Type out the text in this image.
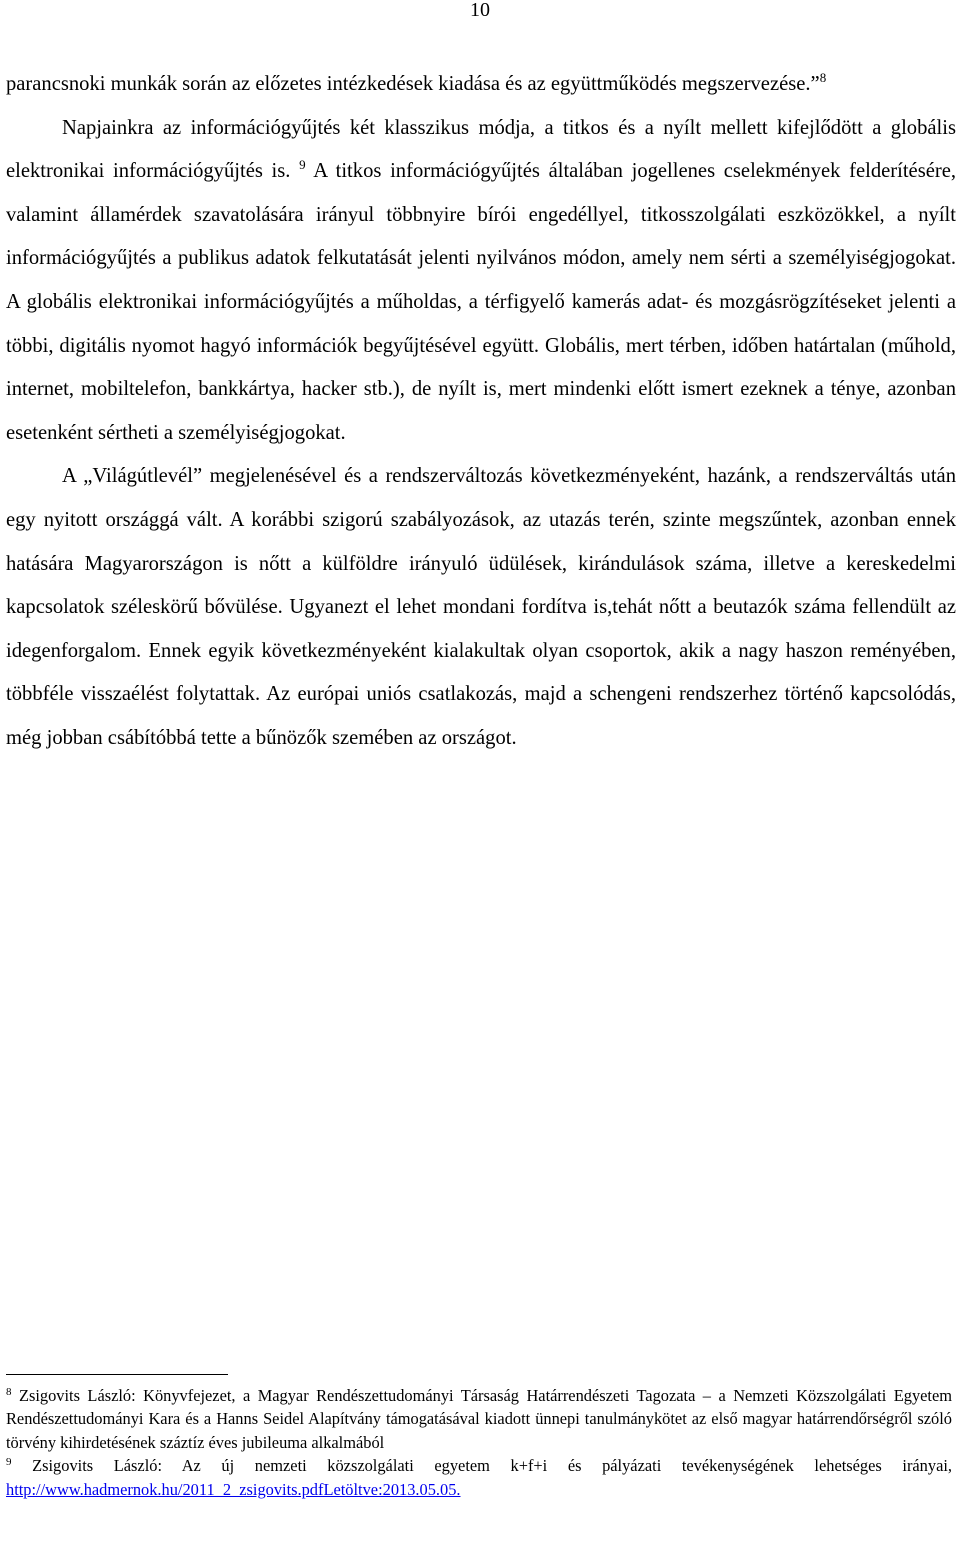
10

parancsnoki munkák során az előzetes intézkedések kiadása és az együttműködés megszervezése.”$^8$

Napjainkra az információgyűjtés két klasszikus módja, a titkos és a nyílt mellett kifejlődött a globális elektronikai információgyűjtés is. $^9$ A titkos információgyűjtés általában jogellenes cselekmények felderítésére, valamint államérdek szavatolására irányul többnyire bírói engedéllyel, titkosszolgálati eszközökkel, a nyílt információgyűjtés a publikus adatok felkutatását jelenti nyilvános módon, amely nem sérti a személyiségjogokat. A globális elektronikai információgyűjtés a műholdas, a térfigyelő kamerás adat- és mozgásrögzítéseket jelenti a többi, digitális nyomot hagyó információk begyűjtésével együtt. Globális, mert térben, időben határtalan (műhold, internet, mobiltelefon, bankkártya, hacker stb.), de nyílt is, mert mindenki előtt ismert ezeknek a ténye, azonban esetenként sértheti a személyiségjogokat.

A „Világútlevél” megjelenésével és a rendszerváltozás következményeként, hazánk, a rendszerváltás után egy nyitott országgá vált. A korábbi szigorú szabályozások, az utazás terén, szinte megszűntek, azonban ennek hatására Magyarországon is nőtt a külföldre irányuló üdülések, kirándulások száma, illetve a kereskedelmi kapcsolatok széleskörű bővülése. Ugyanezt el lehet mondani fordítva is,tehát nőtt a beutazók száma fellendült az idegenforgalom. Ennek egyik következményeként kialakultak olyan csoportok, akik a nagy haszon reményében, többféle visszaélést folytattak. Az európai uniós csatlakozás, majd a schengeni rendszerhez történő kapcsolódás, még jobban csábítóbbá tette a bűnözők szemében az országot.

$^8$ Zsigovits László: Könyvfejezet, a Magyar Rendészettudományi Társaság Határrendészeti Tagozata – a Nemzeti Közszolgálati Egyetem Rendészettudományi Kara és a Hanns Seidel Alapítvány támogatásával kiadott ünnepi tanulmánykötet az első magyar határrendőrségről szóló törvény kihirdetésének száztíz éves jubileuma alkalmából

$^9$ Zsigovits László: Az új nemzeti közszolgálati egyetem k+f+i és pályázati tevékenységének lehetséges irányai, http://www.hadmernok.hu/2011_2_zsigovits.pdfLetöltve:2013.05.05.
